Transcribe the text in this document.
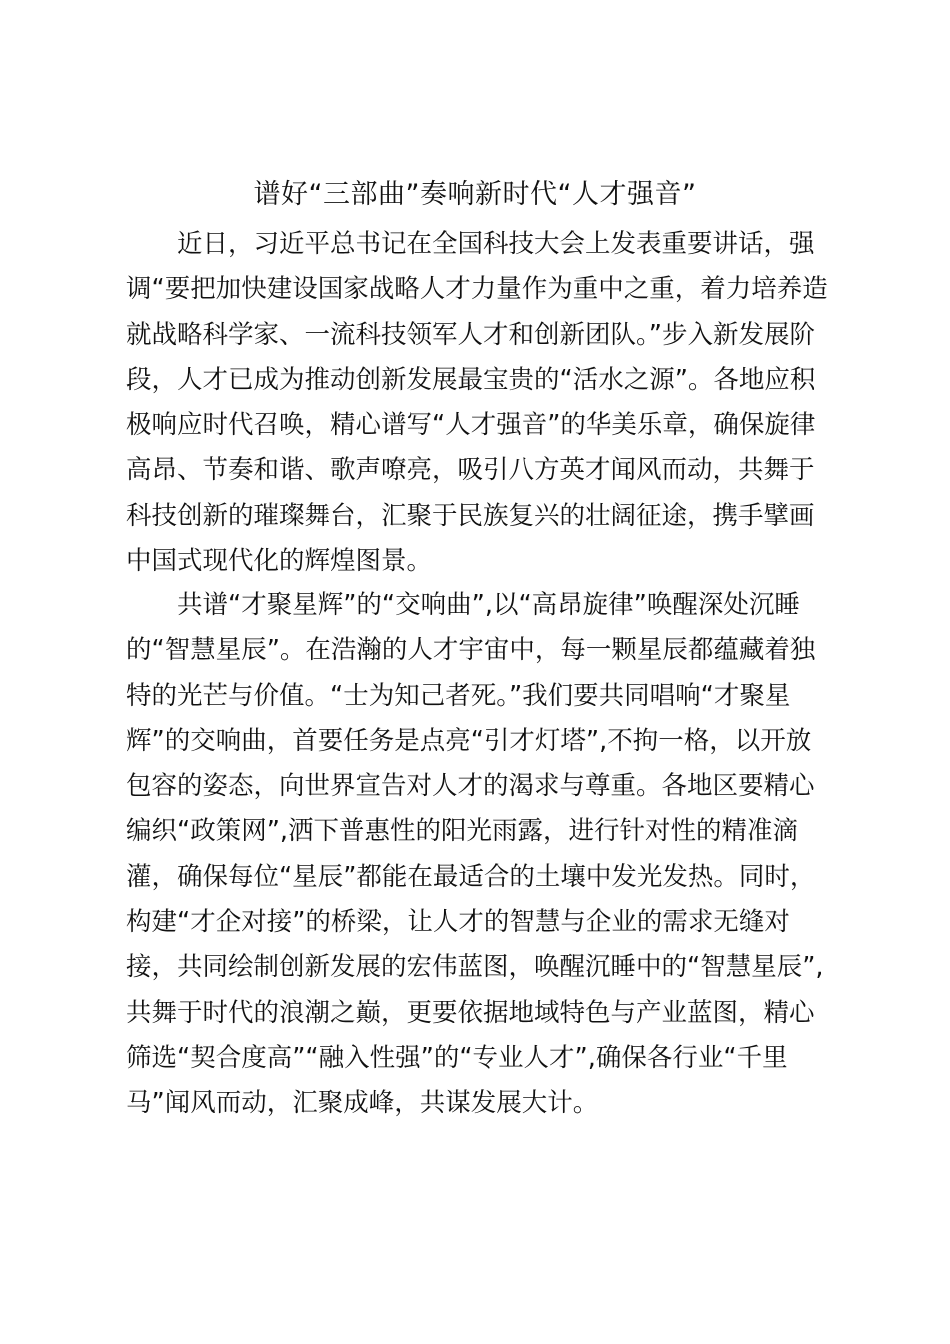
谱好“三部曲”奏响新时代“人才强音”
近日，习近平总书记在全国科技大会上发表重要讲话，强
调“要把加快建设国家战略人才力量作为重中之重，着力培养造
就战略科学家、一流科技领军人才和创新团队。”步入新发展阶
段，人才已成为推动创新发展最宝贵的“活水之源”。各地应积
极响应时代召唤，精心谱写“人才强音”的华美乐章，确保旋律
高昂、节奏和谐、歌声嘹亮，吸引八方英才闻风而动，共舞于
科技创新的璀璨舞台，汇聚于民族复兴的壮阔征途，携手擘画
中国式现代化的辉煌图景。
共谱“才聚星辉”的“交响曲”,以“高昂旋律”唤醒深处沉睡
的“智慧星辰”。在浩瀚的人才宇宙中，每一颗星辰都蕴藏着独
特的光芒与价值。“士为知己者死。”我们要共同唱响“才聚星
辉”的交响曲，首要任务是点亮“引才灯塔”,不拘一格，以开放
包容的姿态，向世界宣告对人才的渴求与尊重。各地区要精心
编织“政策网”,洒下普惠性的阳光雨露，进行针对性的精准滴
灌，确保每位“星辰”都能在最适合的土壤中发光发热。同时，
构建“才企对接”的桥梁，让人才的智慧与企业的需求无缝对
接，共同绘制创新发展的宏伟蓝图，唤醒沉睡中的“智慧星辰”,
共舞于时代的浪潮之巅，更要依据地域特色与产业蓝图，精心
筛选“契合度高”“融入性强”的“专业人才”,确保各行业“千里
马”闻风而动，汇聚成峰，共谋发展大计。
